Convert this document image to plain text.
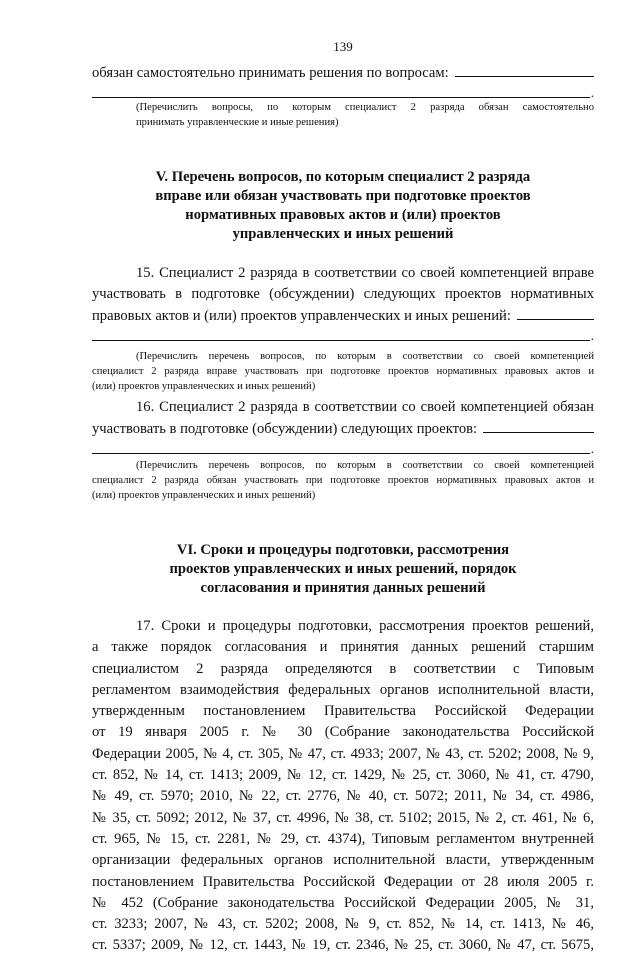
139
обязан самостоятельно принимать решения по вопросам:
.
(Перечислить вопросы, по которым специалист 2 разряда обязан самостоятельно
принимать управленческие и иные решения)
V. Перечень вопросов, по которым специалист 2 разряда
вправе или обязан участвовать при подготовке проектов
нормативных правовых актов и (или) проектов
управленческих и иных решений
15. Специалист 2 разряда в соответствии со своей компетенцией вправе
участвовать в подготовке (обсуждении) следующих проектов нормативных
правовых актов и (или) проектов управленческих и иных решений:
.
(Перечислить перечень вопросов, по которым в соответствии со своей компетенцией
специалист 2 разряда вправе участвовать при подготовке проектов нормативных правовых актов и
(или) проектов управленческих и иных решений)
16. Специалист 2 разряда в соответствии со своей компетенцией обязан
участвовать в подготовке (обсуждении) следующих проектов:
.
(Перечислить перечень вопросов, по которым в соответствии со своей компетенцией
специалист 2 разряда обязан участвовать при подготовке проектов нормативных правовых актов и
(или) проектов управленческих и иных решений)
VI. Сроки и процедуры подготовки, рассмотрения
проектов управленческих и иных решений, порядок
согласования и принятия данных решений
17. Сроки и процедуры подготовки, рассмотрения проектов решений,
а также порядок согласования и принятия данных решений старшим
специалистом 2 разряда определяются в соответствии с Типовым
регламентом взаимодействия федеральных органов исполнительной власти,
утвержденным постановлением Правительства Российской Федерации
от 19 января 2005 г. № 30 (Собрание законодательства Российской
Федерации 2005, № 4, ст. 305, № 47, ст. 4933; 2007, № 43, ст. 5202; 2008, № 9,
ст. 852, № 14, ст. 1413; 2009, № 12, ст. 1429, № 25, ст. 3060, № 41, ст. 4790,
№ 49, ст. 5970; 2010, № 22, ст. 2776, № 40, ст. 5072; 2011, № 34, ст. 4986,
№ 35, ст. 5092; 2012, № 37, ст. 4996, № 38, ст. 5102; 2015, № 2, ст. 461, № 6,
ст. 965, № 15, ст. 2281, № 29, ст. 4374), Типовым регламентом внутренней
организации федеральных органов исполнительной власти, утвержденным
постановлением Правительства Российской Федерации от 28 июля 2005 г.
№ 452 (Собрание законодательства Российской Федерации 2005, № 31,
ст. 3233; 2007, № 43, ст. 5202; 2008, № 9, ст. 852, № 14, ст. 1413, № 46,
ст. 5337; 2009, № 12, ст. 1443, № 19, ст. 2346, № 25, ст. 3060, № 47, ст. 5675,
